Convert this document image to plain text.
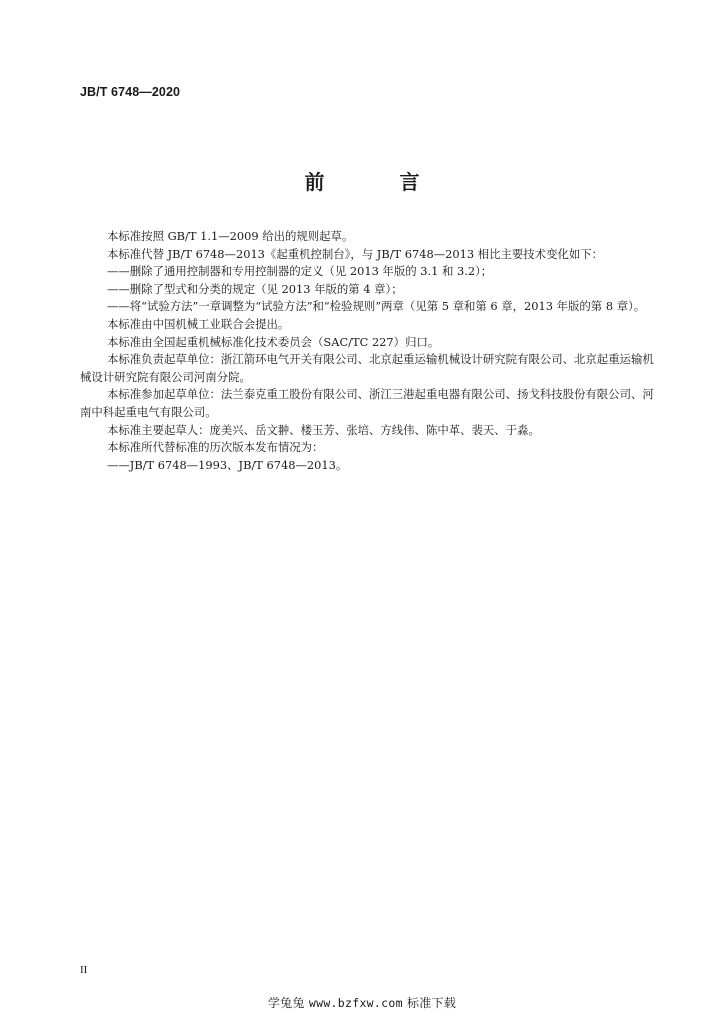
JB/T 6748—2020
前 言

本标准按照 GB/T 1.1—2009 给出的规则起草。

本标准代替 JB/T 6748—2013《起重机控制台》，与 JB/T 6748—2013 相比主要技术变化如下：

——删除了通用控制器和专用控制器的定义（见 2013 年版的 3.1 和 3.2）；

——删除了型式和分类的规定（见 2013 年版的第 4 章）；

——将“试验方法”一章调整为“试验方法”和“检验规则”两章（见第 5 章和第 6 章，2013 年版的第 8 章）。

本标准由中国机械工业联合会提出。

本标准由全国起重机械标准化技术委员会（SAC/TC 227）归口。

本标准负责起草单位：浙江箭环电气开关有限公司、北京起重运输机械设计研究院有限公司、北京起重运输机械设计研究院有限公司河南分院。

本标准参加起草单位：法兰泰克重工股份有限公司、浙江三港起重电器有限公司、扬戈科技股份有限公司、河南中科起重电气有限公司。

本标准主要起草人：庞美兴、岳文翀、楼玉芳、张培、方线伟、陈中革、裴天、于淼。

本标准所代替标准的历次版本发布情况为：

——JB/T 6748—1993、JB/T 6748—2013。

II
学兔兔 www.bzfxw.com 标准下载
